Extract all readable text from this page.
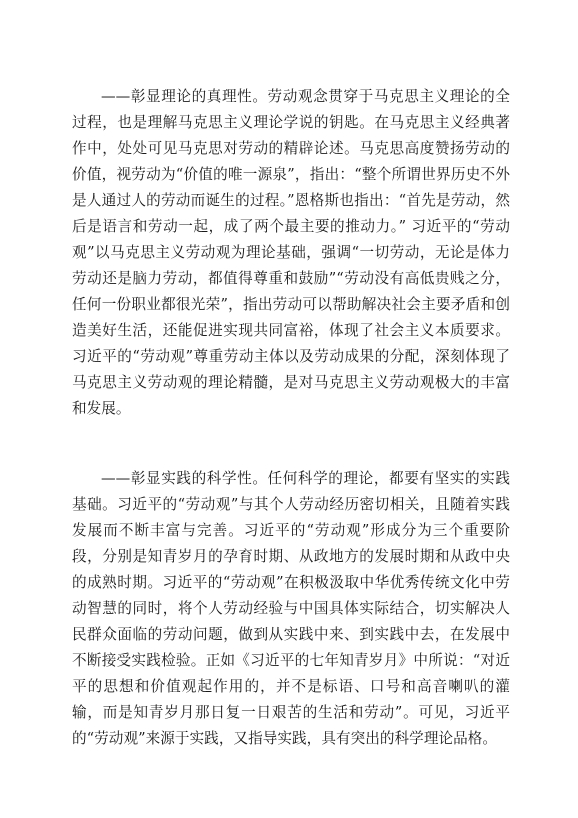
——彰显理论的真理性。劳动观念贯穿于马克思主义理论的全过程，也是理解马克思主义理论学说的钥匙。在马克思主义经典著作中，处处可见马克思对劳动的精辟论述。马克思高度赞扬劳动的价值，视劳动为“价值的唯一源泉”，指出：“整个所谓世界历史不外是人通过人的劳动而诞生的过程。”恩格斯也指出：“首先是劳动，然后是语言和劳动一起，成了两个最主要的推动力。” 习近平的“劳动观”以马克思主义劳动观为理论基础，强调“一切劳动，无论是体力劳动还是脑力劳动，都值得尊重和鼓励”“劳动没有高低贵贱之分，任何一份职业都很光荣”，指出劳动可以帮助解决社会主要矛盾和创造美好生活，还能促进实现共同富裕，体现了社会主义本质要求。习近平的“劳动观”尊重劳动主体以及劳动成果的分配，深刻体现了马克思主义劳动观的理论精髓，是对马克思主义劳动观极大的丰富和发展。

——彰显实践的科学性。任何科学的理论，都要有坚实的实践基础。习近平的“劳动观”与其个人劳动经历密切相关，且随着实践发展而不断丰富与完善。习近平的“劳动观”形成分为三个重要阶段，分别是知青岁月的孕育时期、从政地方的发展时期和从政中央的成熟时期。习近平的“劳动观”在积极汲取中华优秀传统文化中劳动智慧的同时，将个人劳动经验与中国具体实际结合，切实解决人民群众面临的劳动问题，做到从实践中来、到实践中去，在发展中不断接受实践检验。正如《习近平的七年知青岁月》中所说：“对近平的思想和价值观起作用的，并不是标语、口号和高音喇叭的灌输，而是知青岁月那日复一日艰苦的生活和劳动”。可见，习近平的“劳动观”来源于实践，又指导实践，具有突出的科学理论品格。
